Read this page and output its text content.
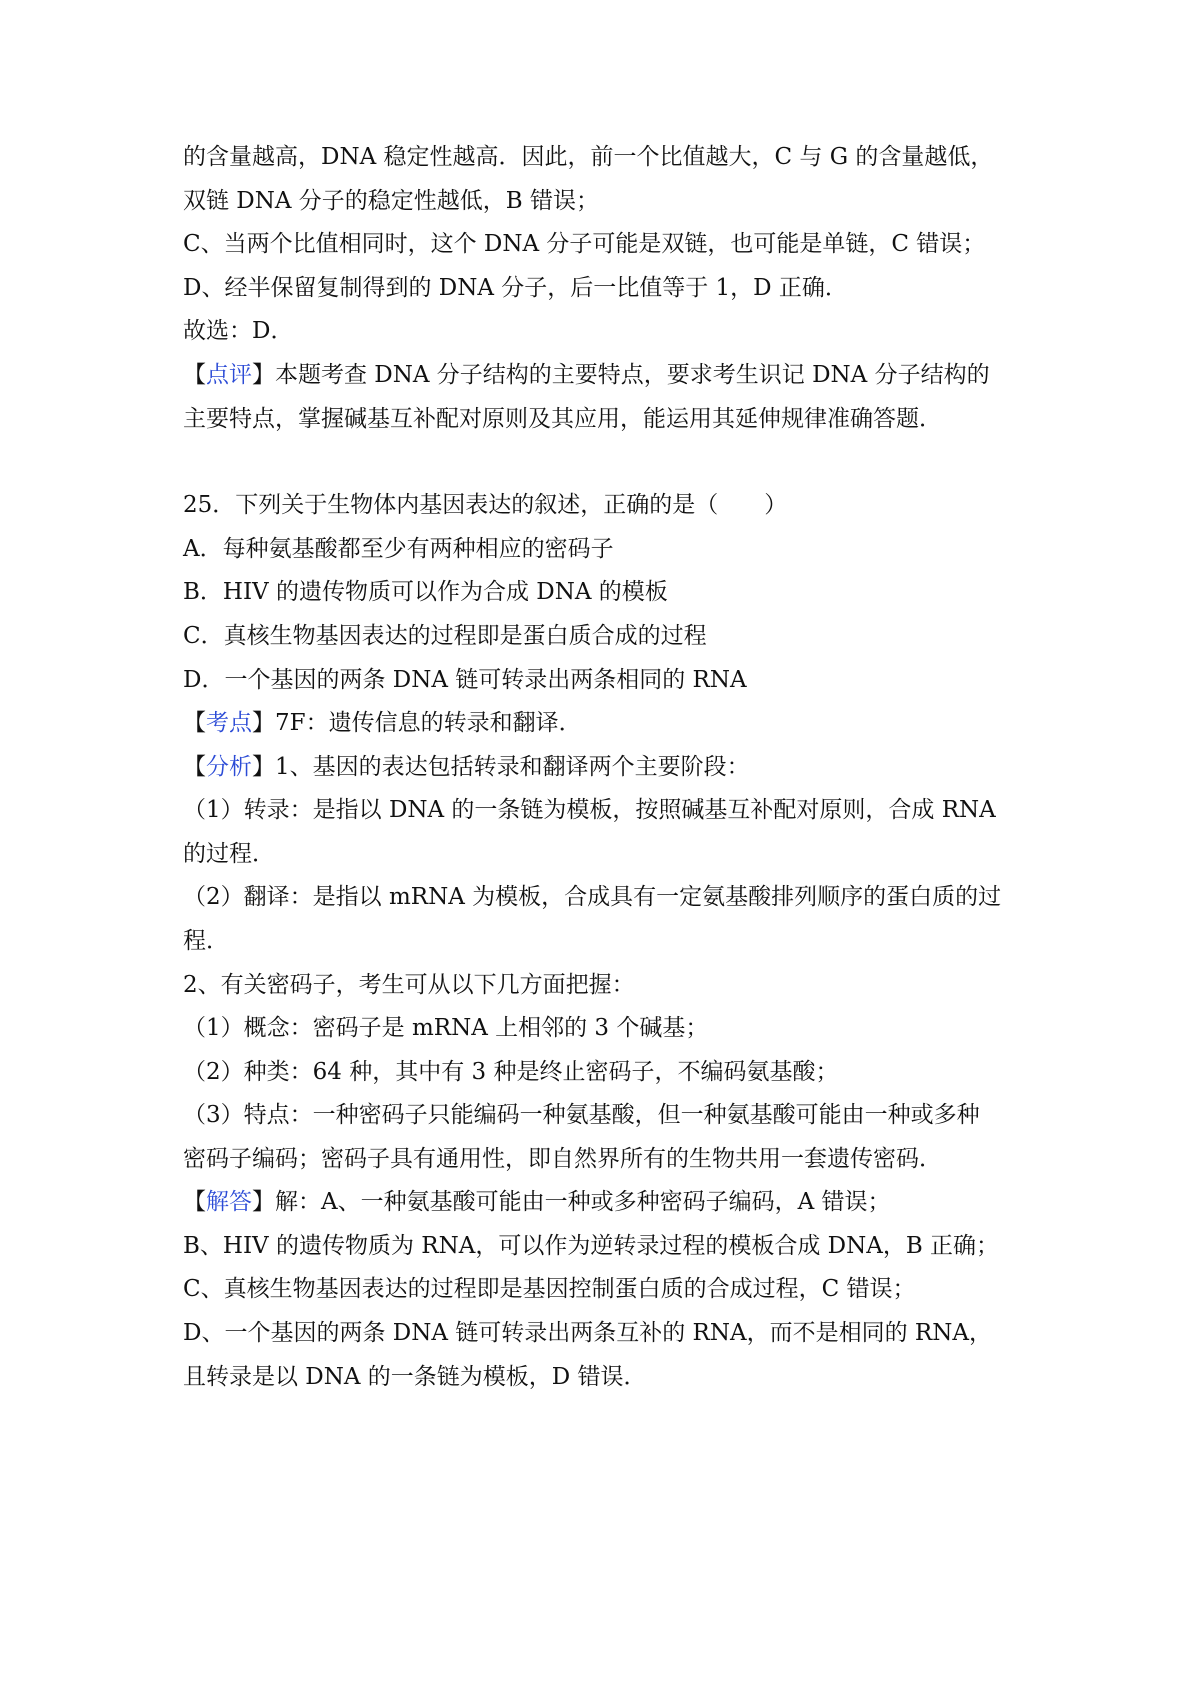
的含量越高，DNA 稳定性越高．因此，前一个比值越大，C 与 G 的含量越低，
双链 DNA 分子的稳定性越低，B 错误；
C、当两个比值相同时，这个 DNA 分子可能是双链，也可能是单链，C 错误；
D、经半保留复制得到的 DNA 分子，后一比值等于 1，D 正确．
故选：D．
【点评】本题考查 DNA 分子结构的主要特点，要求考生识记 DNA 分子结构的
主要特点，掌握碱基互补配对原则及其应用，能运用其延伸规律准确答题．
25．下列关于生物体内基因表达的叙述，正确的是（　　）
A．每种氨基酸都至少有两种相应的密码子
B．HIV 的遗传物质可以作为合成 DNA 的模板
C．真核生物基因表达的过程即是蛋白质合成的过程
D．一个基因的两条 DNA 链可转录出两条相同的 RNA
【考点】7F：遗传信息的转录和翻译．
【分析】1、基因的表达包括转录和翻译两个主要阶段：
（1）转录：是指以 DNA 的一条链为模板，按照碱基互补配对原则，合成 RNA
的过程．
（2）翻译：是指以 mRNA 为模板，合成具有一定氨基酸排列顺序的蛋白质的过
程．
2、有关密码子，考生可从以下几方面把握：
（1）概念：密码子是 mRNA 上相邻的 3 个碱基；
（2）种类：64 种，其中有 3 种是终止密码子，不编码氨基酸；
（3）特点：一种密码子只能编码一种氨基酸，但一种氨基酸可能由一种或多种
密码子编码；密码子具有通用性，即自然界所有的生物共用一套遗传密码．
【解答】解：A、一种氨基酸可能由一种或多种密码子编码，A 错误；
B、HIV 的遗传物质为 RNA，可以作为逆转录过程的模板合成 DNA，B 正确；
C、真核生物基因表达的过程即是基因控制蛋白质的合成过程，C 错误；
D、一个基因的两条 DNA 链可转录出两条互补的 RNA，而不是相同的 RNA，
且转录是以 DNA 的一条链为模板，D 错误．
